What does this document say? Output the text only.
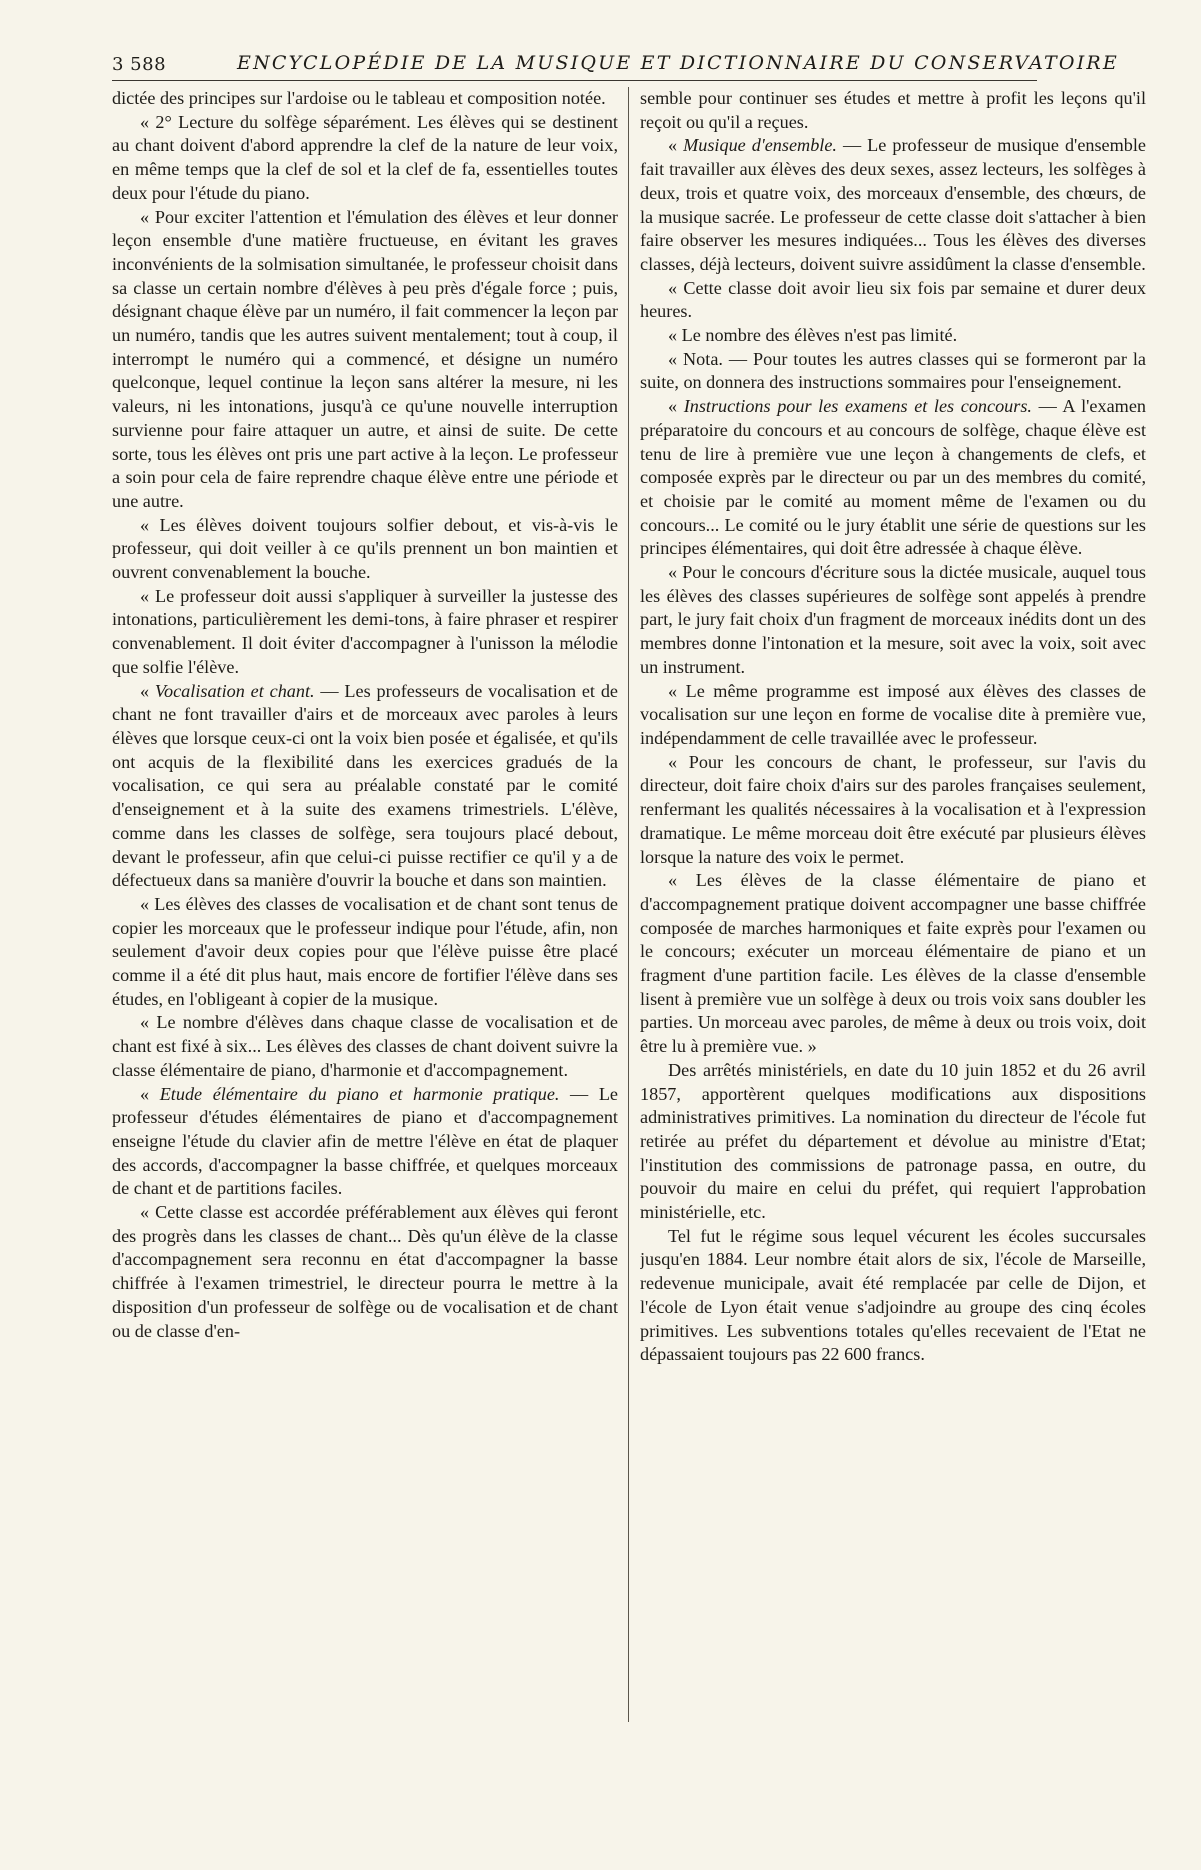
3 588	ENCYCLOPÉDIE DE LA MUSIQUE ET DICTIONNAIRE DU CONSERVATOIRE

dictée des principes sur l'ardoise ou le tableau et composition notée.

« 2° Lecture du solfège séparément. Les élèves qui se destinent au chant doivent d'abord apprendre la clef de la nature de leur voix, en même temps que la clef de sol et la clef de fa, essentielles toutes deux pour l'étude du piano.

« Pour exciter l'attention et l'émulation des élèves et leur donner leçon ensemble d'une matière fructueuse, en évitant les graves inconvénients de la solmisation simultanée, le professeur choisit dans sa classe un certain nombre d'élèves à peu près d'égale force ; puis, désignant chaque élève par un numéro, il fait commencer la leçon par un numéro, tandis que les autres suivent mentalement; tout à coup, il interrompt le numéro qui a commencé, et désigne un numéro quelconque, lequel continue la leçon sans altérer la mesure, ni les valeurs, ni les intonations, jusqu'à ce qu'une nouvelle interruption survienne pour faire attaquer un autre, et ainsi de suite. De cette sorte, tous les élèves ont pris une part active à la leçon. Le professeur a soin pour cela de faire reprendre chaque élève entre une période et une autre.

« Les élèves doivent toujours solfier debout, et vis-à-vis le professeur, qui doit veiller à ce qu'ils prennent un bon maintien et ouvrent convenablement la bouche.

« Le professeur doit aussi s'appliquer à surveiller la justesse des intonations, particulièrement les demi-tons, à faire phraser et respirer convenablement. Il doit éviter d'accompagner à l'unisson la mélodie que solfie l'élève.

« Vocalisation et chant. — Les professeurs de vocalisation et de chant ne font travailler d'airs et de morceaux avec paroles à leurs élèves que lorsque ceux-ci ont la voix bien posée et égalisée, et qu'ils ont acquis de la flexibilité dans les exercices gradués de la vocalisation, ce qui sera au préalable constaté par le comité d'enseignement et à la suite des examens trimestriels. L'élève, comme dans les classes de solfège, sera toujours placé debout, devant le professeur, afin que celui-ci puisse rectifier ce qu'il y a de défectueux dans sa manière d'ouvrir la bouche et dans son maintien.

« Les élèves des classes de vocalisation et de chant sont tenus de copier les morceaux que le professeur indique pour l'étude, afin, non seulement d'avoir deux copies pour que l'élève puisse être placé comme il a été dit plus haut, mais encore de fortifier l'élève dans ses études, en l'obligeant à copier de la musique.

« Le nombre d'élèves dans chaque classe de vocalisation et de chant est fixé à six... Les élèves des classes de chant doivent suivre la classe élémentaire de piano, d'harmonie et d'accompagnement.

« Etude élémentaire du piano et harmonie pratique. — Le professeur d'études élémentaires de piano et d'accompagnement enseigne l'étude du clavier afin de mettre l'élève en état de plaquer des accords, d'accompagner la basse chiffrée, et quelques morceaux de chant et de partitions faciles.

« Cette classe est accordée préférablement aux élèves qui feront des progrès dans les classes de chant... Dès qu'un élève de la classe d'accompagnement sera reconnu en état d'accompagner la basse chiffrée à l'examen trimestriel, le directeur pourra le mettre à la disposition d'un professeur de solfège ou de vocalisation et de chant ou de classe d'en-

semble pour continuer ses études et mettre à profit les leçons qu'il reçoit ou qu'il a reçues.

« Musique d'ensemble. — Le professeur de musique d'ensemble fait travailler aux élèves des deux sexes, assez lecteurs, les solfèges à deux, trois et quatre voix, des morceaux d'ensemble, des chœurs, de la musique sacrée. Le professeur de cette classe doit s'attacher à bien faire observer les mesures indiquées... Tous les élèves des diverses classes, déjà lecteurs, doivent suivre assidûment la classe d'ensemble.

« Cette classe doit avoir lieu six fois par semaine et durer deux heures.

« Le nombre des élèves n'est pas limité.

« Nota. — Pour toutes les autres classes qui se formeront par la suite, on donnera des instructions sommaires pour l'enseignement.

« Instructions pour les examens et les concours. — A l'examen préparatoire du concours et au concours de solfège, chaque élève est tenu de lire à première vue une leçon à changements de clefs, et composée exprès par le directeur ou par un des membres du comité, et choisie par le comité au moment même de l'examen ou du concours... Le comité ou le jury établit une série de questions sur les principes élémentaires, qui doit être adressée à chaque élève.

« Pour le concours d'écriture sous la dictée musicale, auquel tous les élèves des classes supérieures de solfège sont appelés à prendre part, le jury fait choix d'un fragment de morceaux inédits dont un des membres donne l'intonation et la mesure, soit avec la voix, soit avec un instrument.

« Le même programme est imposé aux élèves des classes de vocalisation sur une leçon en forme de vocalise dite à première vue, indépendamment de celle travaillée avec le professeur.

« Pour les concours de chant, le professeur, sur l'avis du directeur, doit faire choix d'airs sur des paroles françaises seulement, renfermant les qualités nécessaires à la vocalisation et à l'expression dramatique. Le même morceau doit être exécuté par plusieurs élèves lorsque la nature des voix le permet.

« Les élèves de la classe élémentaire de piano et d'accompagnement pratique doivent accompagner une basse chiffrée composée de marches harmoniques et faite exprès pour l'examen ou le concours; exécuter un morceau élémentaire de piano et un fragment d'une partition facile. Les élèves de la classe d'ensemble lisent à première vue un solfège à deux ou trois voix sans doubler les parties. Un morceau avec paroles, de même à deux ou trois voix, doit être lu à première vue. »

Des arrêtés ministériels, en date du 10 juin 1852 et du 26 avril 1857, apportèrent quelques modifications aux dispositions administratives primitives. La nomination du directeur de l'école fut retirée au préfet du département et dévolue au ministre d'Etat; l'institution des commissions de patronage passa, en outre, du pouvoir du maire en celui du préfet, qui requiert l'approbation ministérielle, etc.

Tel fut le régime sous lequel vécurent les écoles succursales jusqu'en 1884. Leur nombre était alors de six, l'école de Marseille, redevenue municipale, avait été remplacée par celle de Dijon, et l'école de Lyon était venue s'adjoindre au groupe des cinq écoles primitives. Les subventions totales qu'elles recevaient de l'Etat ne dépassaient toujours pas 22 600 francs.
